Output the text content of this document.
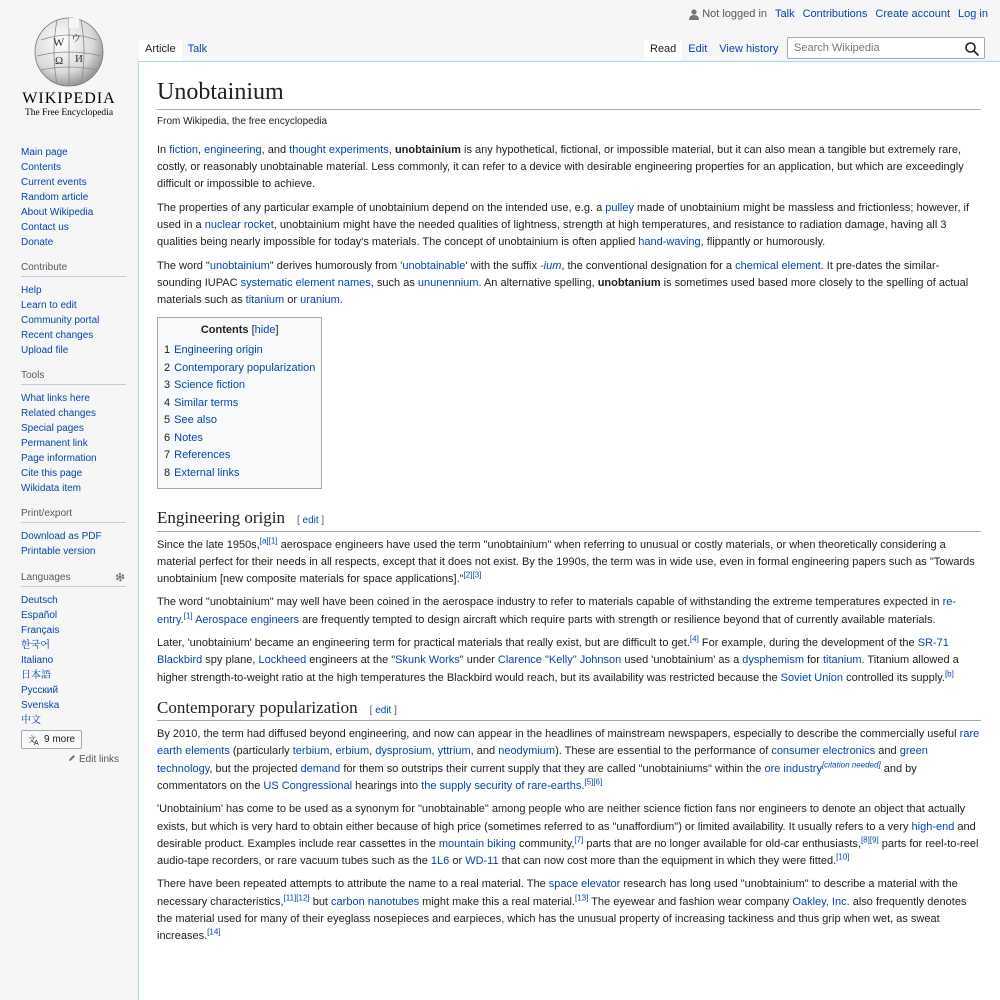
W ウ
Ω И
WIKIPEDIA
The Free Encyclopedia
Not logged in Talk Contributions Create account Log in
Article	Talk	Read	Edit	View history
Search Wikipedia
Main page
Contents
Current events
Random article
About Wikipedia
Contact us
Donate
Contribute
Help
Learn to edit
Community portal
Recent changes
Upload file
Tools
What links here
Related changes
Special pages
Permanent link
Page information
Cite this page
Wikidata item
Print/export
Download as PDF
Printable version
Languages
Deutsch
Español
Français
한국어
Italiano
日本語
Русский
Svenska
中文
文
A 9 more
Edit links
Unobtainium
From Wikipedia, the free encyclopedia

In fiction, engineering, and thought experiments, unobtainium is any hypothetical, fictional, or impossible material, but it can also mean a tangible but extremely rare, costly, or reasonably unobtainable material. Less commonly, it can refer to a device with desirable engineering properties for an application, but which are exceedingly difficult or impossible to achieve.

The properties of any particular example of unobtainium depend on the intended use, e.g. a pulley made of unobtainium might be massless and frictionless; however, if used in a nuclear rocket, unobtainium might have the needed qualities of lightness, strength at high temperatures, and resistance to radiation damage, having all 3 qualities being nearly impossible for today's materials. The concept of unobtainium is often applied hand-waving, flippantly or humorously.

The word "unobtainium" derives humorously from 'unobtainable' with the suffix -ium, the conventional designation for a chemical element. It pre-dates the similar-sounding IUPAC systematic element names, such as ununennium. An alternative spelling, unobtanium is sometimes used based more closely to the spelling of actual materials such as titanium or uranium.

Contents [hide]
1 Engineering origin
2 Contemporary popularization
3 Science fiction
4 Similar terms
5 See also
6 Notes
7 References
8 External links
Engineering origin [ edit ]

Since the late 1950s,[a][1] aerospace engineers have used the term "unobtainium" when referring to unusual or costly materials, or when theoretically considering a material perfect for their needs in all respects, except that it does not exist. By the 1990s, the term was in wide use, even in formal engineering papers such as "Towards unobtainium [new composite materials for space applications]."[2][3]

The word "unobtainium" may well have been coined in the aerospace industry to refer to materials capable of withstanding the extreme temperatures expected in re-entry.[1] Aerospace engineers are frequently tempted to design aircraft which require parts with strength or resilience beyond that of currently available materials.

Later, 'unobtainium' became an engineering term for practical materials that really exist, but are difficult to get.[4] For example, during the development of the SR-71 Blackbird spy plane, Lockheed engineers at the "Skunk Works" under Clarence "Kelly" Johnson used 'unobtainium' as a dysphemism for titanium. Titanium allowed a higher strength-to-weight ratio at the high temperatures the Blackbird would reach, but its availability was restricted because the Soviet Union controlled its supply.[b]

Contemporary popularization [ edit ]

By 2010, the term had diffused beyond engineering, and now can appear in the headlines of mainstream newspapers, especially to describe the commercially useful rare earth elements (particularly terbium, erbium, dysprosium, yttrium, and neodymium). These are essential to the performance of consumer electronics and green technology, but the projected demand for them so outstrips their current supply that they are called "unobtainiums" within the ore industry[citation needed] and by commentators on the US Congressional hearings into the supply security of rare-earths.[5][6]

'Unobtainium' has come to be used as a synonym for "unobtainable" among people who are neither science fiction fans nor engineers to denote an object that actually exists, but which is very hard to obtain either because of high price (sometimes referred to as "unaffordium") or limited availability. It usually refers to a very high-end and desirable product. Examples include rear cassettes in the mountain biking community,[7] parts that are no longer available for old-car enthusiasts,[8][9] parts for reel-to-reel audio-tape recorders, or rare vacuum tubes such as the 1L6 or WD-11 that can now cost more than the equipment in which they were fitted.[10]

There have been repeated attempts to attribute the name to a real material. The space elevator research has long used "unobtainium" to describe a material with the necessary characteristics,[11][12] but carbon nanotubes might make this a real material.[13] The eyewear and fashion wear company Oakley, Inc. also frequently denotes the material used for many of their eyeglass nosepieces and earpieces, which has the unusual property of increasing tackiness and thus grip when wet, as sweat increases.[14]
